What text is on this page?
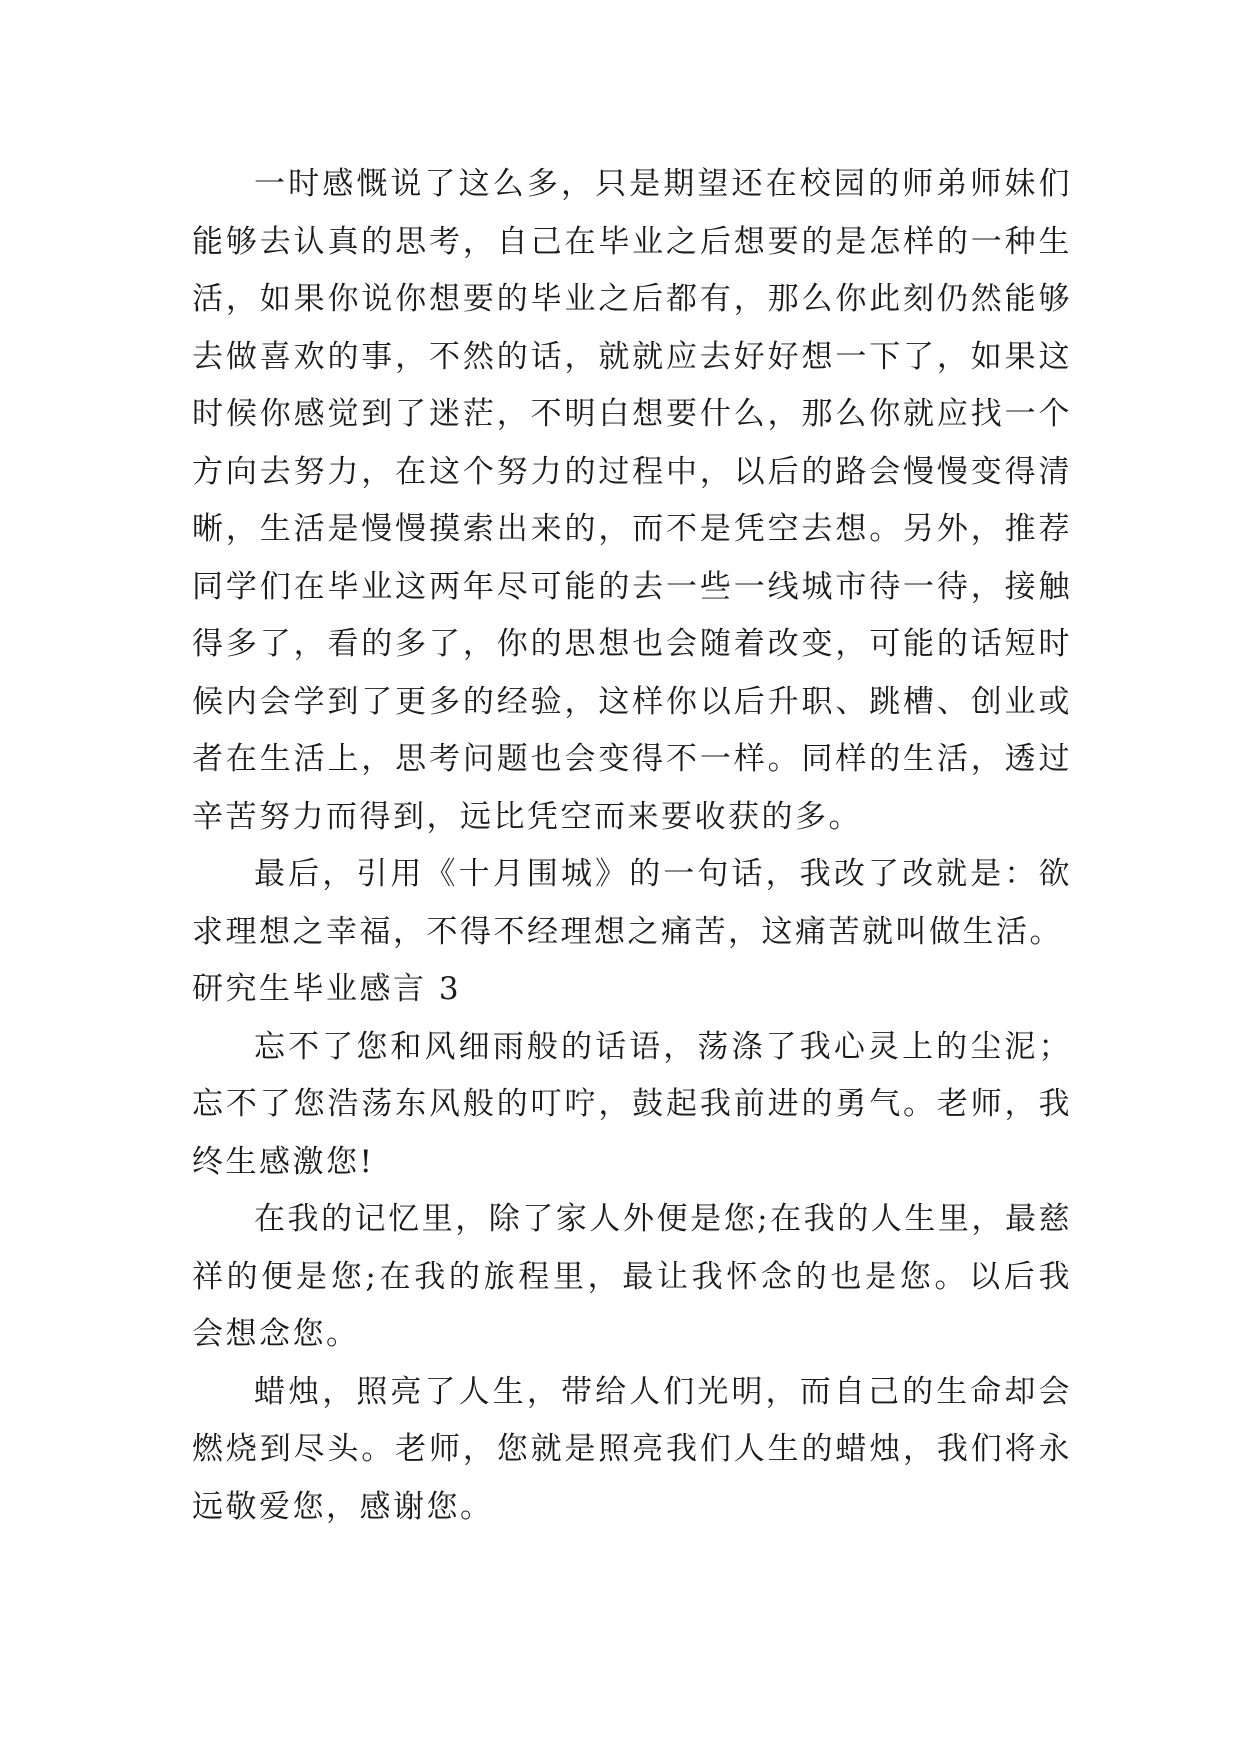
一时感慨说了这么多，只是期望还在校园的师弟师妹们能够去认真的思考，自己在毕业之后想要的是怎样的一种生活，如果你说你想要的毕业之后都有，那么你此刻仍然能够去做喜欢的事，不然的话，就就应去好好想一下了，如果这时候你感觉到了迷茫，不明白想要什么，那么你就应找一个方向去努力，在这个努力的过程中，以后的路会慢慢变得清晰，生活是慢慢摸索出来的，而不是凭空去想。另外，推荐同学们在毕业这两年尽可能的去一些一线城市待一待，接触得多了，看的多了，你的思想也会随着改变，可能的话短时候内会学到了更多的经验，这样你以后升职、跳槽、创业或者在生活上，思考问题也会变得不一样。同样的生活，透过辛苦努力而得到，远比凭空而来要收获的多。

最后，引用《十月围城》的一句话，我改了改就是：欲求理想之幸福，不得不经理想之痛苦，这痛苦就叫做生活。

研究生毕业感言 3

忘不了您和风细雨般的话语，荡涤了我心灵上的尘泥；忘不了您浩荡东风般的叮咛，鼓起我前进的勇气。老师，我终生感激您!

在我的记忆里，除了家人外便是您;在我的人生里，最慈祥的便是您;在我的旅程里，最让我怀念的也是您。以后我会想念您。

蜡烛，照亮了人生，带给人们光明，而自己的生命却会燃烧到尽头。老师，您就是照亮我们人生的蜡烛，我们将永远敬爱您，感谢您。
